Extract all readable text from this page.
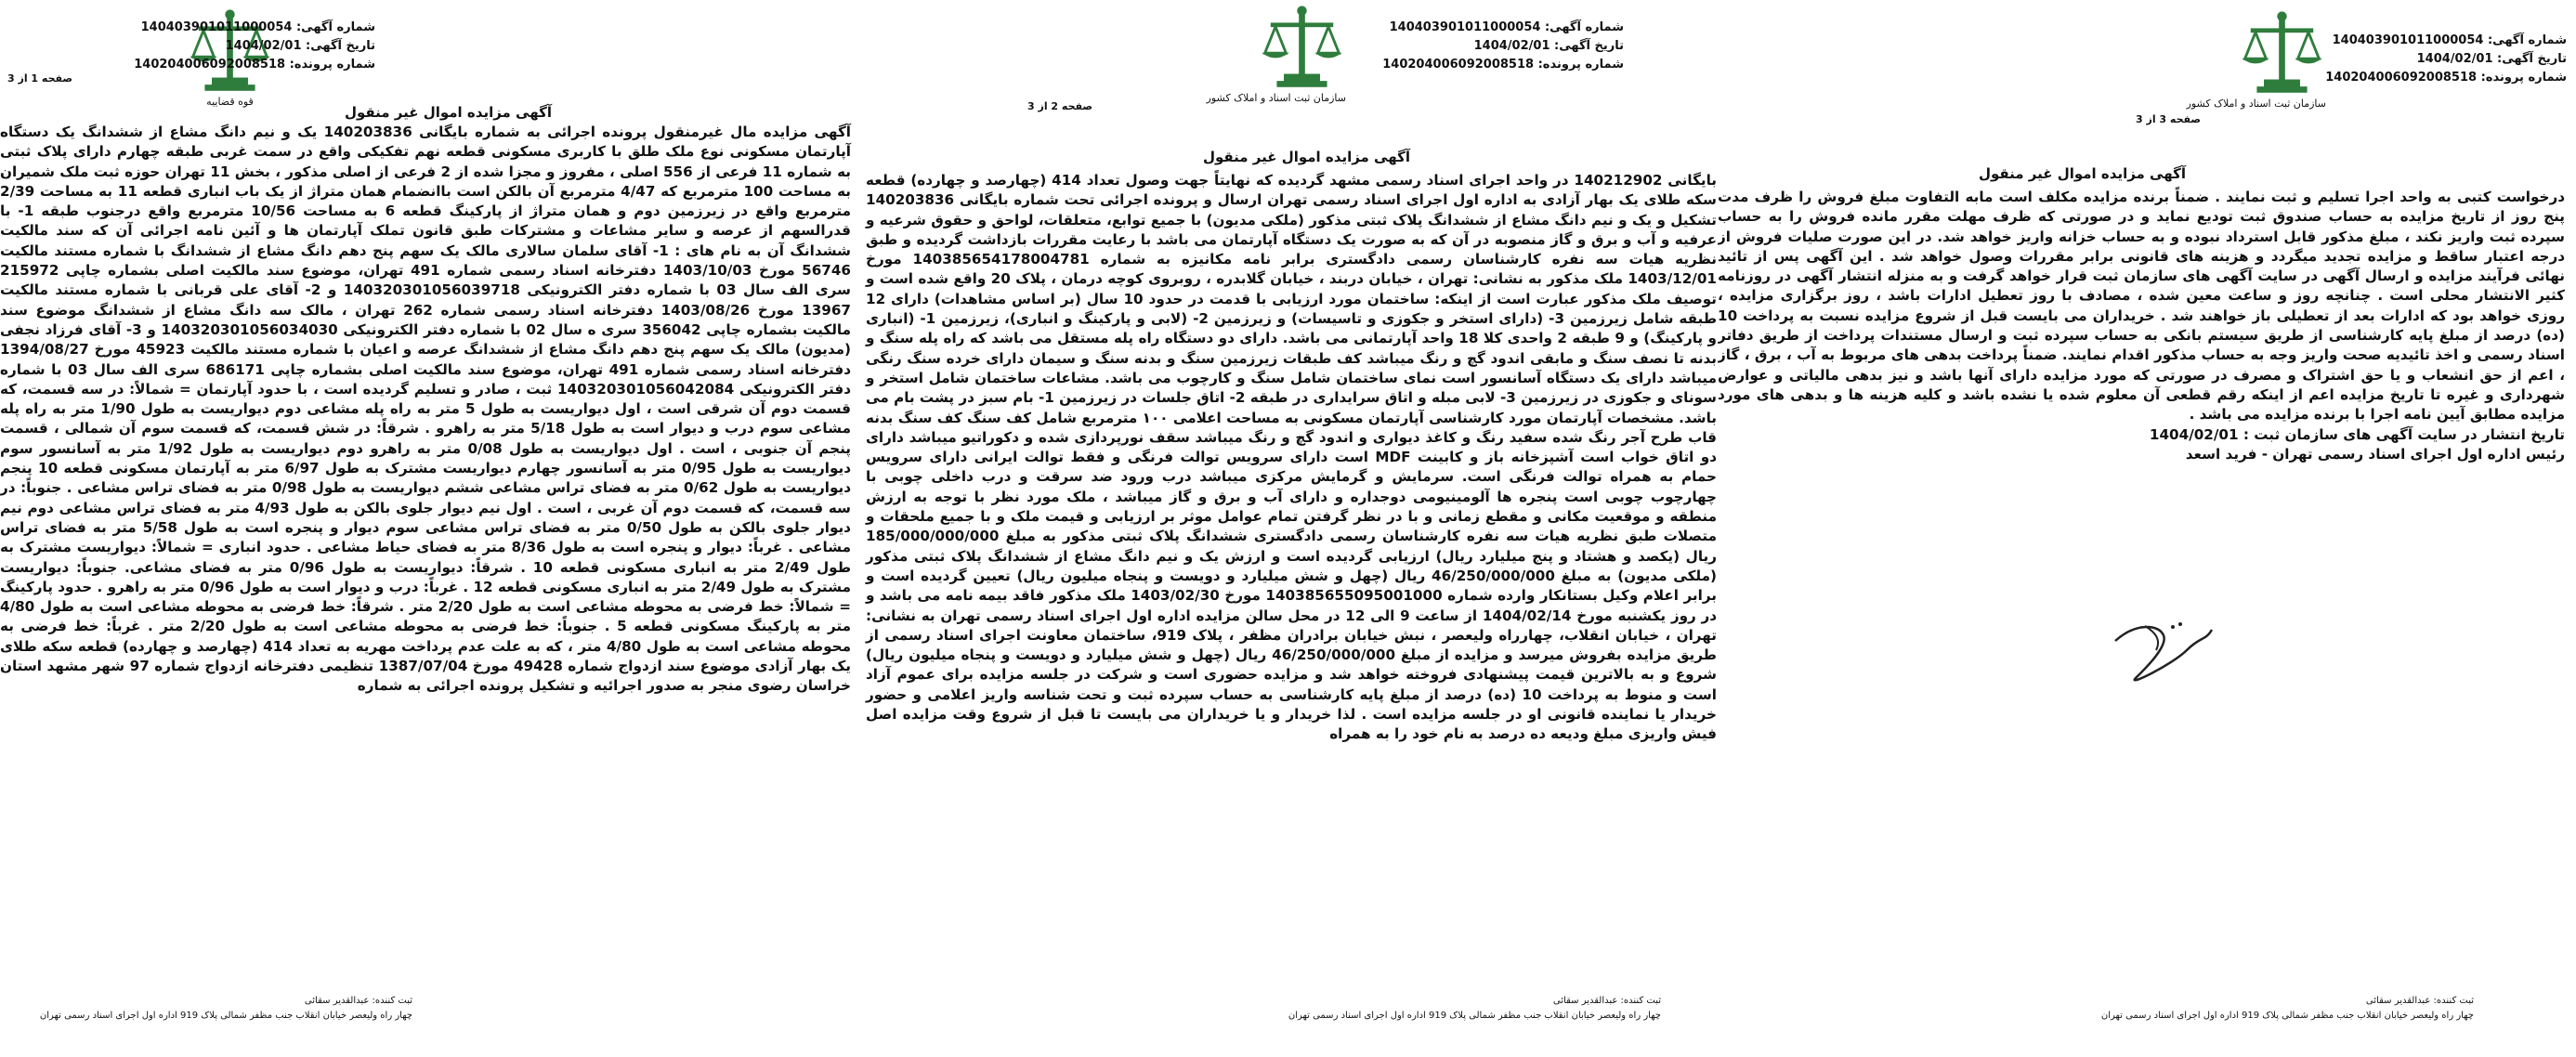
قوه قضاییه
شماره آگهی: 140403901011000054
تاریخ آگهی: 1404/02/01
شماره پرونده: 140204006092008518
صفحه 1 از 3
آگهی مزایده اموال غیر منقول
آگهی مزایده مال غیرمنقول پرونده اجرائی به شماره بایگانی 140203836 یک و نیم دانگ مشاع از ششدانگ یک دستگاه آپارتمان مسکونی نوع ملک طلق با کاربری مسکونی قطعه نهم تفکیکی واقع در سمت غربی طبقه چهارم دارای پلاک ثبتی به شماره 11 فرعی از 556 اصلی ، مفروز و مجزا شده از 2 فرعی از اصلی مذکور ، بخش 11 تهران حوزه ثبت ملک شمیران به مساحت 100 مترمربع که 4/47 مترمربع آن بالکن است باانضمام همان متراژ از یک باب انباری قطعه 11 به مساحت 2/39 مترمربع واقع در زیرزمین دوم و همان متراژ از پارکینگ قطعه 6 به مساحت 10/56 مترمربع واقع درجنوب طبقه 1- با قدرالسهم از عرصه و سایر مشاعات و مشترکات طبق قانون تملک آپارتمان ها و آئین نامه اجرائی آن که سند مالکیت ششدانگ آن به نام های : 1- آقای سلمان سالاری مالک یک سهم پنج دهم دانگ مشاع از ششدانگ با شماره مستند مالکیت 56746 مورخ 1403/10/03 دفترخانه اسناد رسمی شماره 491 تهران، موضوع سند مالکیت اصلی بشماره چاپی 215972 سری الف سال 03 با شماره دفتر الکترونیکی 140320301056039718 و 2- آقای علی قربانی با شماره مستند مالکیت 13967 مورخ 1403/08/26 دفترخانه اسناد رسمی شماره 262 تهران ، مالک سه دانگ مشاع از ششدانگ موضوع سند مالکیت بشماره چاپی 356042 سری ه سال 02 با شماره دفتر الکترونیکی 140320301056034030 و 3- آقای فرزاد نجفی (مدیون) مالک یک سهم پنج دهم دانگ مشاع از ششدانگ عرصه و اعیان با شماره مستند مالکیت 45923 مورخ 1394/08/27 دفترخانه اسناد رسمی شماره 491 تهران، موضوع سند مالکیت اصلی بشماره چاپی 686171 سری الف سال 03 با شماره دفتر الکترونیکی 140320301056042084 ثبت ، صادر و تسلیم گردیده است ، با حدود آپارتمان = شمالاً: در سه قسمت، که قسمت دوم آن شرقی است ، اول دیواریست به طول 5 متر به راه پله مشاعی دوم دیواریست به طول 1/90 متر به راه پله مشاعی سوم درب و دیوار است به طول 5/18 متر به راهرو . شرقاً: در شش قسمت، که قسمت سوم آن شمالی ، قسمت پنجم آن جنوبی ، است . اول دیواریست به طول 0/08 متر به راهرو دوم دیواریست به طول 1/92 متر به آسانسور سوم دیواریست به طول 0/95 متر به آسانسور چهارم دیواریست مشترک به طول 6/97 متر به آپارتمان مسکونی قطعه 10 پنجم دیواریست به طول 0/62 متر به فضای تراس مشاعی ششم دیواریست به طول 0/98 متر به فضای تراس مشاعی . جنوباً: در سه قسمت، که قسمت دوم آن غربی ، است . اول نیم دیوار جلوی بالکن به طول 4/93 متر به فضای تراس مشاعی دوم نیم دیوار جلوی بالکن به طول 0/50 متر به فضای تراس مشاعی سوم دیوار و پنجره است به طول 5/58 متر به فضای تراس مشاعی . غرباً: دیوار و پنجره است به طول 8/36 متر به فضای حیاط مشاعی . حدود انباری = شمالاً: دیواریست مشترک به طول 2/49 متر به انباری مسکونی قطعه 10 . شرقاً: دیواریست به طول 0/96 متر به فضای مشاعی. جنوباً: دیواریست مشترک به طول 2/49 متر به انباری مسکونی قطعه 12 . غرباً: درب و دیوار است به طول 0/96 متر به راهرو . حدود پارکینگ = شمالاً: خط فرضی به محوطه مشاعی است به طول 2/20 متر . شرقاً: خط فرضی به محوطه مشاعی است به طول 4/80 متر به پارکینگ مسکونی قطعه 5 . جنوباً: خط فرضی به محوطه مشاعی است به طول 2/20 متر . غرباً: خط فرضی به محوطه مشاعی است به طول 4/80 متر ، که به علت عدم پرداخت مهریه به تعداد 414 (چهارصد و چهارده) قطعه سکه طلای یک بهار آزادی موضوع سند ازدواج شماره 49428 مورخ 1387/07/04 تنظیمی دفترخانه ازدواج شماره 97 شهر مشهد استان خراسان رضوی منجر به صدور اجرائیه و تشکیل پرونده اجرائی به شماره
ثبت کننده: عبدالقدیر سقائی
چهار راه ولیعصر خیابان انقلاب جنب مظفر شمالی پلاک 919 اداره اول اجرای اسناد رسمی تهران
سازمان ثبت اسناد و املاک کشور
شماره آگهی: 140403901011000054
تاریخ آگهی: 1404/02/01
شماره پرونده: 140204006092008518
صفحه 2 از 3
آگهی مزایده اموال غیر منقول
بایگانی 140212902 در واحد اجرای اسناد رسمی مشهد گردیده که نهایتاً جهت وصول تعداد 414 (چهارصد و چهارده) قطعه سکه طلای یک بهار آزادی به اداره اول اجرای اسناد رسمی تهران ارسال و پرونده اجرائی تحت شماره بایگانی 140203836 تشکیل و یک و نیم دانگ مشاع از ششدانگ پلاک ثبتی مذکور (ملکی مدیون) با جمیع توابع، متعلقات، لواحق و حقوق شرعیه و عرفیه و آب و برق و گاز منصوبه در آن که به صورت یک دستگاه آپارتمان می باشد با رعایت مقررات بازداشت گردیده و طبق نظریه هیات سه نفره کارشناسان رسمی دادگستری برابر نامه مکانیزه به شماره 140385654178004781 مورخ 1403/12/01 ملک مذکور به نشانی: تهران ، خیابان دربند ، خیابان گلابدره ، روبروی کوچه درمان ، پلاک 20 واقع شده است و توصیف ملک مذکور عبارت است از اینکه: ساختمان مورد ارزیابی با قدمت در حدود 10 سال (بر اساس مشاهدات) دارای 12 طبقه شامل زیرزمین 3- (دارای استخر و جکوزی و تاسیسات) و زیرزمین 2- (لابی و پارکینگ و انباری)، زیرزمین 1- (انباری و پارکینگ) و 9 طبقه 2 واحدی کلا 18 واحد آپارتمانی می باشد. دارای دو دستگاه راه پله مستقل می باشد که راه پله سنگ و بدنه تا نصف سنگ و مابقی اندود گچ و رنگ میباشد کف طبقات زیرزمین سنگ و بدنه سنگ و سیمان دارای خرده سنگ رنگی میباشد دارای یک دستگاه آسانسور است نمای ساختمان شامل سنگ و کارچوب می باشد. مشاعات ساختمان شامل استخر و سونای و جکوزی در زیرزمین 3- لابی مبله و اتاق سرایداری در طبقه 2- اتاق جلسات در زیرزمین 1- بام سبز در پشت بام می باشد. مشخصات آپارتمان مورد کارشناسی آپارتمان مسکونی به مساحت اعلامی ۱۰۰ مترمربع شامل کف سنگ کف سنگ بدنه قاب طرح آجر رنگ شده سفید رنگ و کاغذ دیواری و اندود گچ و رنگ میباشد سقف نورپردازی شده و دکوراتیو میباشد دارای دو اتاق خواب است آشپزخانه باز و کابینت MDF است دارای سرویس توالت فرنگی و فقط توالت ایرانی دارای سرویس حمام به همراه توالت فرنگی است. سرمایش و گرمایش مرکزی میباشد درب ورود ضد سرقت و درب داخلی چوبی با چهارچوب چوبی است پنجره ها آلومینیومی دوجداره و دارای آب و برق و گاز میباشد ، ملک مورد نظر با توجه به ارزش منطقه و موقعیت مکانی و مقطع زمانی و با در نظر گرفتن تمام عوامل موثر بر ارزیابی و قیمت ملک و با جمیع ملحقات و متصلات طبق نظریه هیات سه نفره کارشناسان رسمی دادگستری ششدانگ پلاک ثبتی مذکور به مبلغ 185/000/000/000 ریال (یکصد و هشتاد و پنج میلیارد ریال) ارزیابی گردیده است و ارزش یک و نیم دانگ مشاع از ششدانگ پلاک ثبتی مذکور (ملکی مدیون) به مبلغ 46/250/000/000 ریال (چهل و شش میلیارد و دویست و پنجاه میلیون ریال) تعیین گردیده است و برابر اعلام وکیل بستانکار وارده شماره 140385655095001000 مورخ 1403/02/30 ملک مذکور فاقد بیمه نامه می باشد و در روز یکشنبه مورخ 1404/02/14 از ساعت 9 الی 12 در محل سالن مزایده اداره اول اجرای اسناد رسمی تهران به نشانی: تهران ، خیابان انقلاب، چهارراه ولیعصر ، نبش خیابان برادران مظفر ، پلاک 919، ساختمان معاونت اجرای اسناد رسمی از طریق مزایده بفروش میرسد و مزایده از مبلغ 46/250/000/000 ریال (چهل و شش میلیارد و دویست و پنجاه میلیون ریال) شروع و به بالاترین قیمت پیشنهادی فروخته خواهد شد و مزایده حضوری است و شرکت در جلسه مزایده برای عموم آزاد است و منوط به پرداخت 10 (ده) درصد از مبلغ پایه کارشناسی به حساب سپرده ثبت و تحت شناسه واریز اعلامی و حضور خریدار یا نماینده قانونی او در جلسه مزایده است . لذا خریدار و یا خریداران می بایست تا قبل از شروع وقت مزایده اصل فیش واریزی مبلغ ودیعه ده درصد به نام خود را به همراه
ثبت کننده: عبدالقدیر سقائی
چهار راه ولیعصر خیابان انقلاب جنب مظفر شمالی پلاک 919 اداره اول اجرای اسناد رسمی تهران
سازمان ثبت اسناد و املاک کشور
شماره آگهی: 140403901011000054
تاریخ آگهی: 1404/02/01
شماره پرونده: 140204006092008518
صفحه 3 از 3
آگهی مزایده اموال غیر منقول
درخواست کتبی به واحد اجرا تسلیم و ثبت نمایند . ضمناً برنده مزایده مکلف است مابه التفاوت مبلغ فروش را ظرف مدت پنج روز از تاریخ مزایده به حساب صندوق ثبت تودیع نماید و در صورتی که ظرف مهلت مقرر مانده فروش را به حساب سپرده ثبت واریز نکند ، مبلغ مذکور قابل استرداد نبوده و به حساب خزانه واریز خواهد شد. در این صورت صلیات فروش از درجه اعتبار ساقط و مزایده تجدید میگردد و هزینه های قانونی برابر مقررات وصول خواهد شد . این آگهی پس از تائید نهائی فرآیند مزایده و ارسال آگهی در سایت آگهی های سازمان ثبت قرار خواهد گرفت و به منزله انتشار آگهی در روزنامه کثیر الانتشار محلی است . چنانچه روز و ساعت معین شده ، مصادف با روز تعطیل ادارات باشد ، روز برگزاری مزایده ، روزی خواهد بود که ادارات بعد از تعطیلی باز خواهند شد . خریداران می بایست قبل از شروع مزایده نسبت به پرداخت 10 (ده) درصد از مبلغ پایه کارشناسی از طریق سیستم بانکی به حساب سپرده ثبت و ارسال مستندات پرداخت از طریق دفاتر اسناد رسمی و اخذ تائیدیه صحت واریز وجه به حساب مذکور اقدام نمایند. ضمناً پرداخت بدهی های مربوط به آب ، برق ، گاز ، اعم از حق انشعاب و یا حق اشتراک و مصرف در صورتی که مورد مزایده دارای آنها باشد و نیز بدهی مالیاتی و عوارض شهرداری و غیره تا تاریخ مزایده اعم از اینکه رقم قطعی آن معلوم شده یا نشده باشد و کلیه هزینه ها و بدهی های مورد مزایده مطابق آیین نامه اجرا با برنده مزایده می باشد .
تاریخ انتشار در سایت آگهی های سازمان ثبت : 1404/02/01
رئیس اداره اول اجرای اسناد رسمی تهران - فرید اسعد
ثبت کننده: عبدالقدیر سقائی
چهار راه ولیعصر خیابان انقلاب جنب مظفر شمالی پلاک 919 اداره اول اجرای اسناد رسمی تهران
